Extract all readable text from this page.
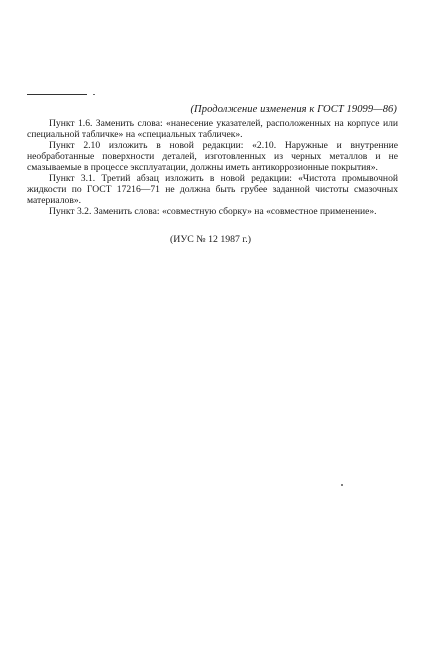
(Продолжение изменения к ГОСТ 19099—86)

Пункт 1.6. Заменить слова: «нанесение указателей, расположенных на корпусе или специальной табличке» на «специальных табличек».

Пункт 2.10 изложить в новой редакции: «2.10. Наружные и внутренние необработанные поверхности деталей, изготовленных из черных металлов и не смазываемые в процессе эксплуатации, должны иметь антикоррозионные покрытия».

Пункт 3.1. Третий абзац изложить в новой редакции: «Чистота промывочной жидкости по ГОСТ 17216—71 не должна быть грубее заданной чистоты смазочных материалов».

Пункт 3.2. Заменить слова: «совместную сборку» на «совместное применение».

(ИУС № 12 1987 г.)
